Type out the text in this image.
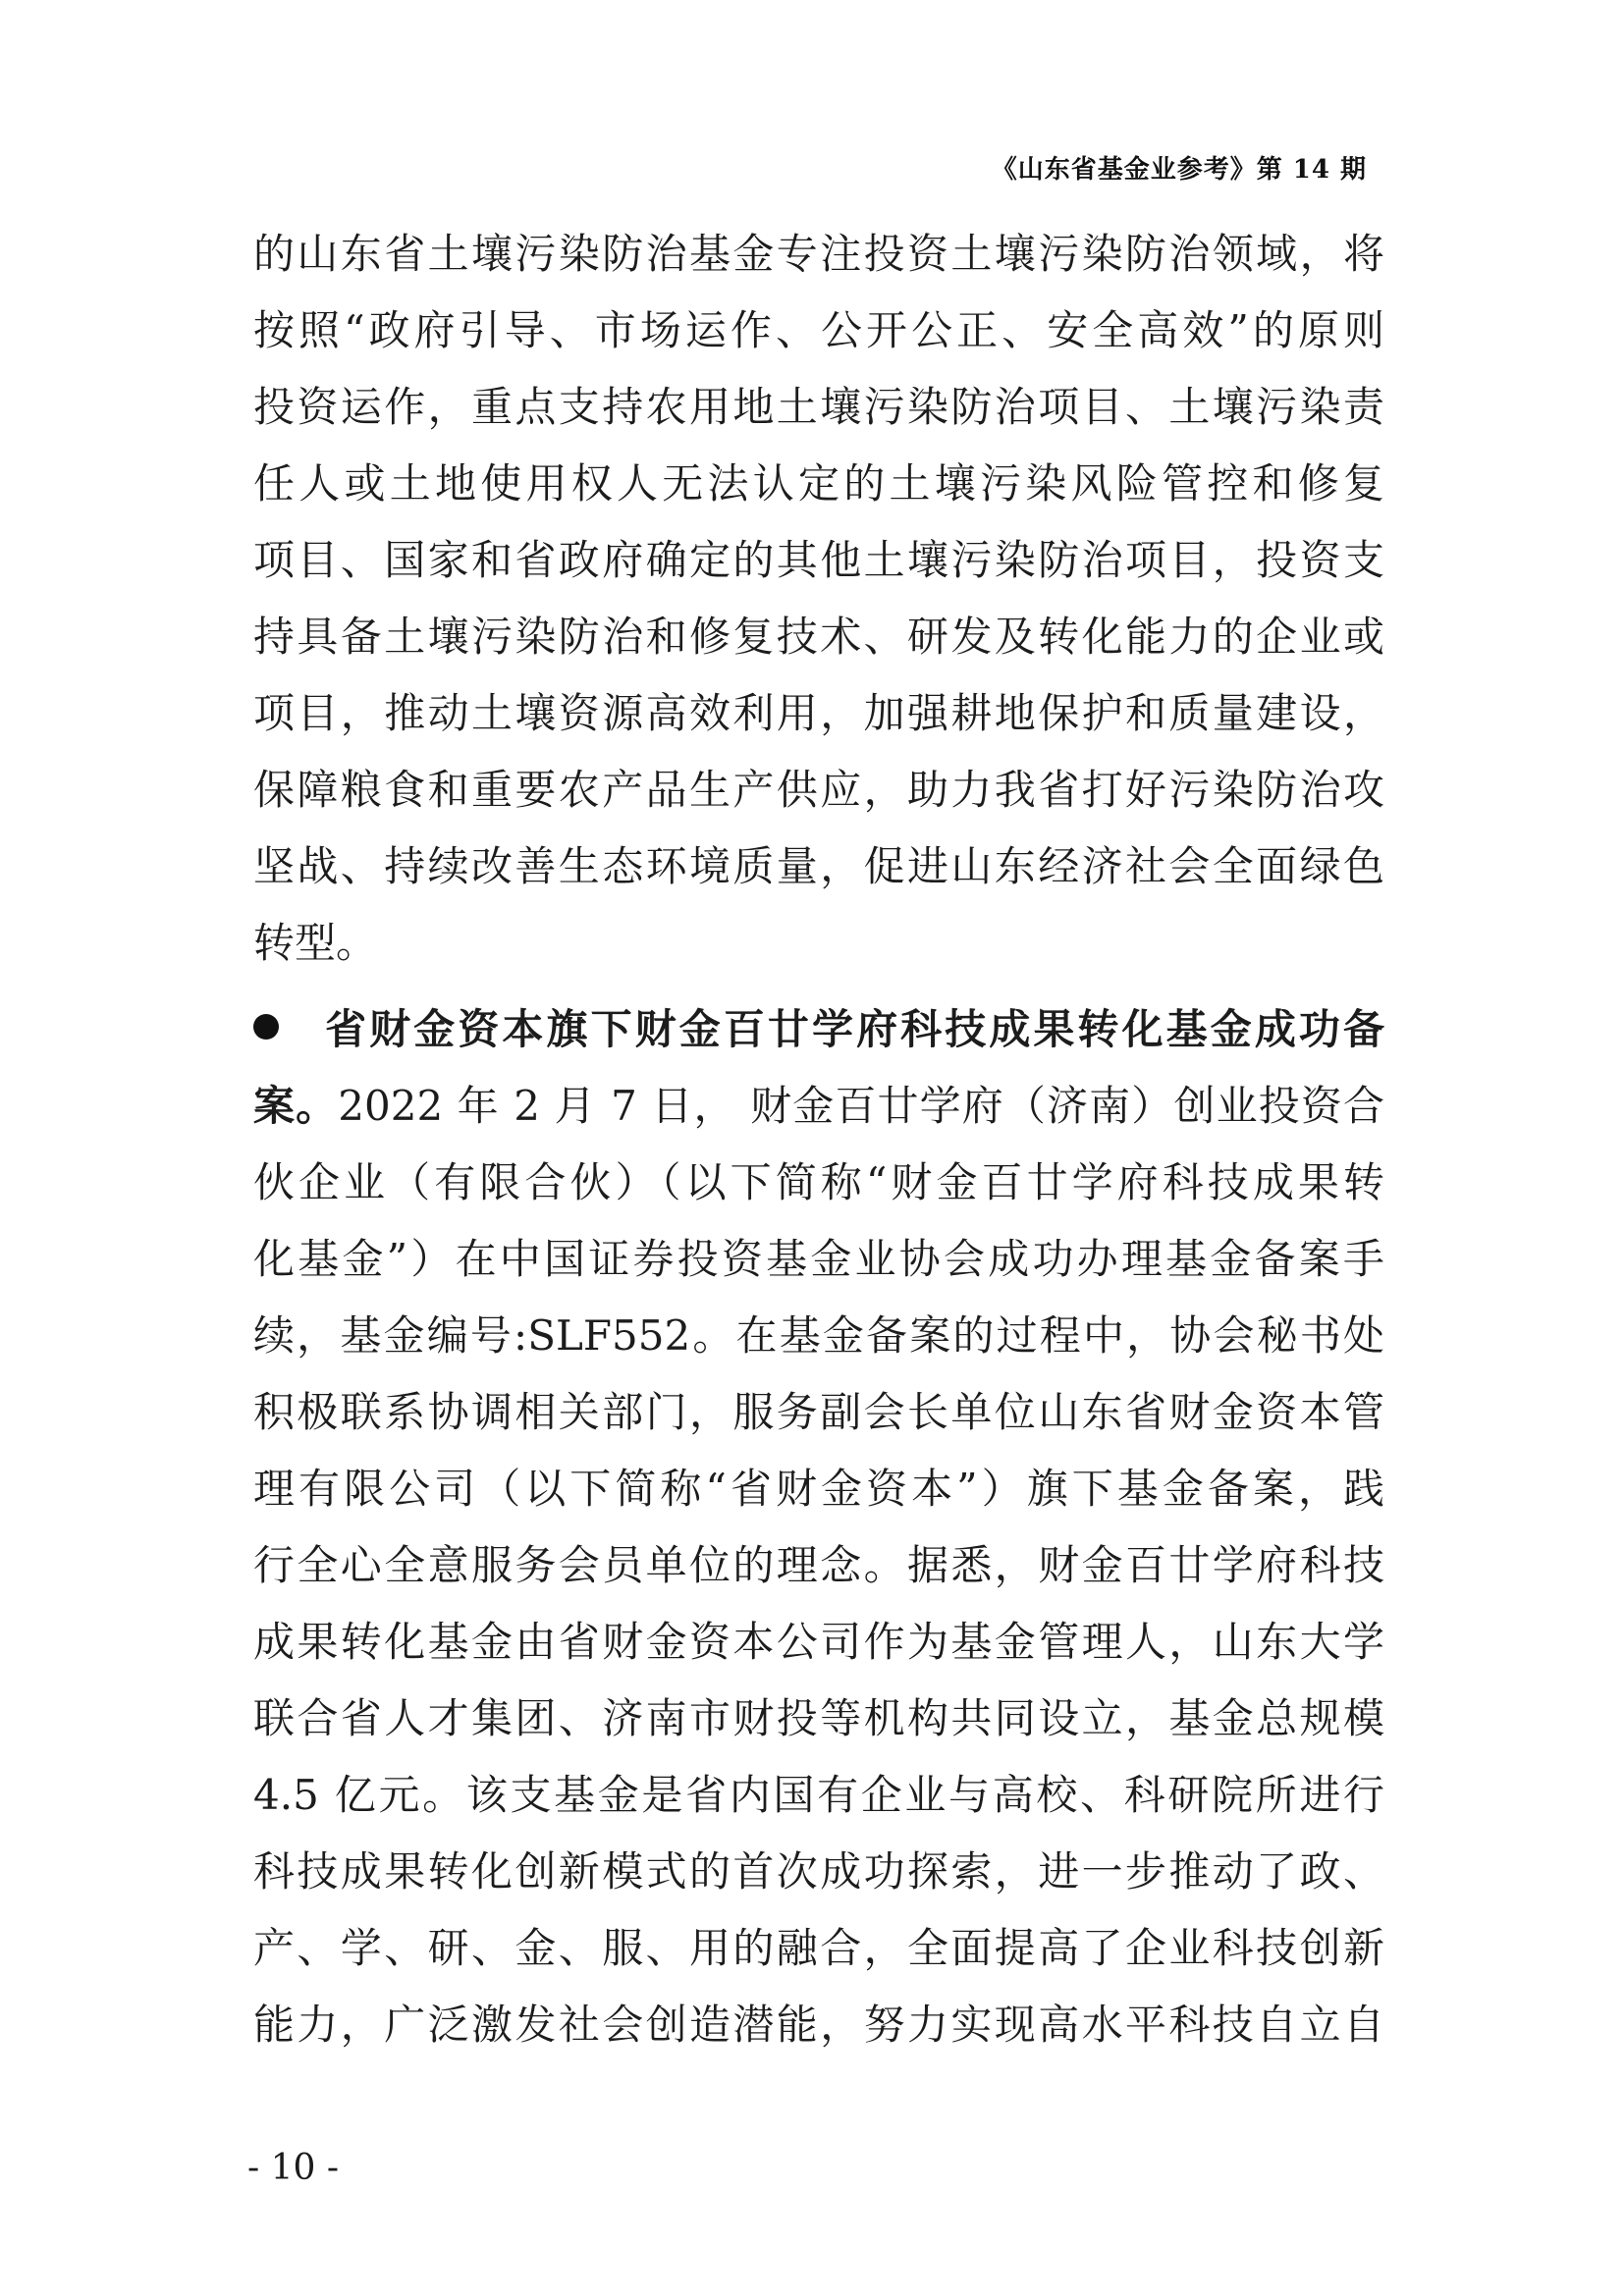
《山东省基金业参考》第 14 期
的山东省土壤污染防治基金专注投资土壤污染防治领域，将
按照“政府引导、市场运作、公开公正、安全高效”的原则
投资运作，重点支持农用地土壤污染防治项目、土壤污染责
任人或土地使用权人无法认定的土壤污染风险管控和修复
项目、国家和省政府确定的其他土壤污染防治项目，投资支
持具备土壤污染防治和修复技术、研发及转化能力的企业或
项目，推动土壤资源高效利用，加强耕地保护和质量建设，
保障粮食和重要农产品生产供应，助力我省打好污染防治攻
坚战、持续改善生态环境质量，促进山东经济社会全面绿色
转型。
省财金资本旗下财金百廿学府科技成果转化基金成功备
案。2022 年 2 月 7 日， 财金百廿学府（济南）创业投资合
伙企业（有限合伙）（以下简称“财金百廿学府科技成果转
化基金”）在中国证券投资基金业协会成功办理基金备案手
续，基金编号:SLF552。在基金备案的过程中，协会秘书处
积极联系协调相关部门，服务副会长单位山东省财金资本管
理有限公司（以下简称“省财金资本”）旗下基金备案，践
行全心全意服务会员单位的理念。据悉，财金百廿学府科技
成果转化基金由省财金资本公司作为基金管理人，山东大学
联合省人才集团、济南市财投等机构共同设立，基金总规模
4.5 亿元。该支基金是省内国有企业与高校、科研院所进行
科技成果转化创新模式的首次成功探索，进一步推动了政、
产、学、研、金、服、用的融合，全面提高了企业科技创新
能力，广泛激发社会创造潜能，努力实现高水平科技自立自
- 10 -
